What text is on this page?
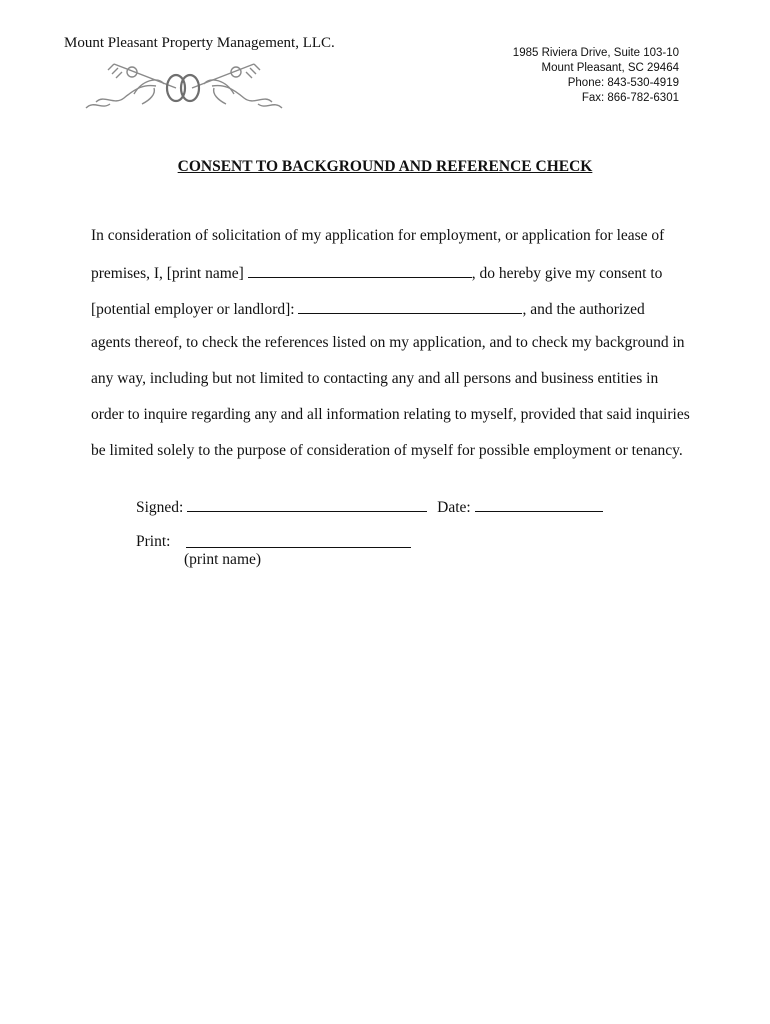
Mount Pleasant Property Management, LLC.
1985 Riviera Drive, Suite 103-10
Mount Pleasant, SC 29464
Phone: 843-530-4919
Fax: 866-782-6301
CONSENT TO BACKGROUND AND REFERENCE CHECK
In consideration of solicitation of my application for employment, or application for lease of
premises, I, [print name]	, do hereby give my consent to
[potential employer or landlord]:	, and the authorized
agents thereof, to check the references listed on my application, and to check my background in
any way, including but not limited to contacting any and all persons and business entities in
order to inquire regarding any and all information relating to myself, provided that said inquiries
be limited solely to the purpose of consideration of myself for possible employment or tenancy.
Signed:	Date:
Print:
(print name)
